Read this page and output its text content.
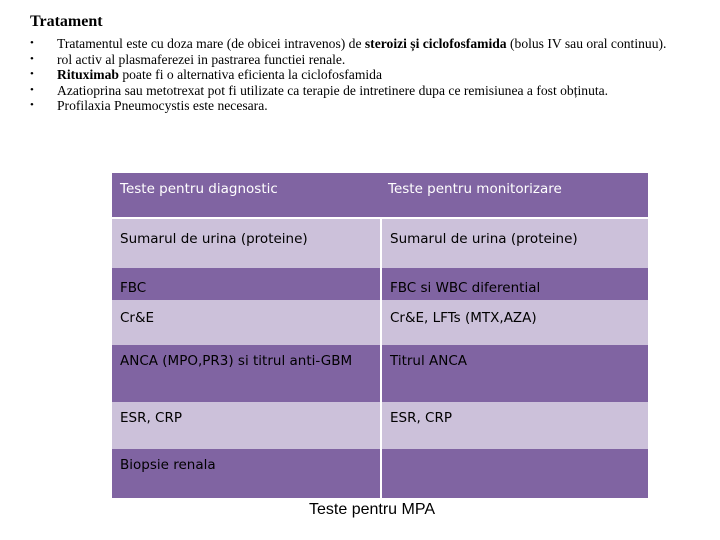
Tratament
• Tratamentul este cu doza mare (de obicei intravenos) de steroizi și ciclofosfamida (bolus IV sau oral continuu).
• rol activ al plasmaferezei in pastrarea functiei renale.
• Rituximab poate fi o alternativa eficienta la ciclofosfamida
• Azatioprina sau metotrexat pot fi utilizate ca terapie de intretinere dupa ce remisiunea a fost obținuta.
• Profilaxia Pneumocystis este necesara.
Teste pentru diagnostic	Teste pentru monitorizare
Sumarul de urina (proteine)	Sumarul de urina (proteine)
FBC	FBC si WBC diferential
Cr&E	Cr&E, LFTs (MTX,AZA)
ANCA (MPO,PR3) si titrul anti-GBM	Titrul ANCA
ESR, CRP	ESR, CRP
Biopsie renala
Teste pentru MPA
